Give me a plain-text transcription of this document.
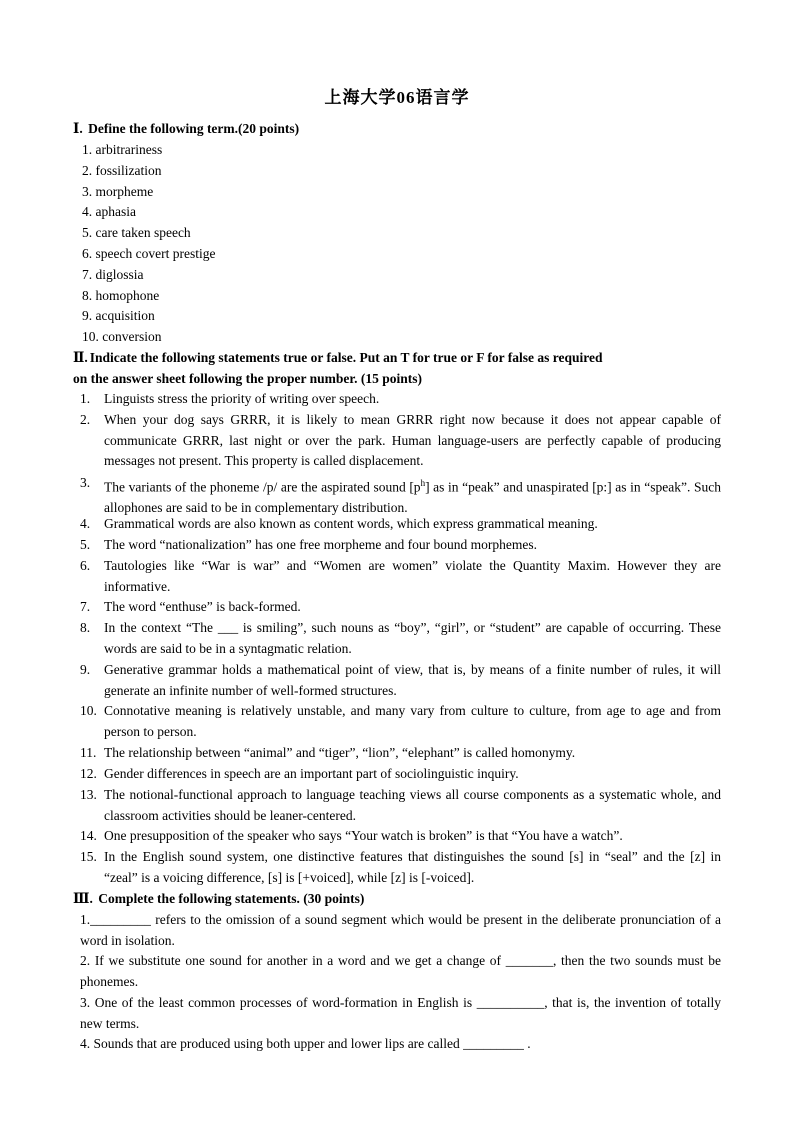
上海大学06语言学
Ⅰ. Define the following term.(20 points)
1. arbitrariness
2. fossilization
3. morpheme
4. aphasia
5. care taken speech
6. speech covert prestige
7. diglossia
8. homophone
9. acquisition
10. conversion
Ⅱ. Indicate the following statements true or false. Put an T for true or F for false as required
on the answer sheet following the proper number. (15 points)
1.	Linguists stress the priority of writing over speech.
2.	When your dog says GRRR, it is likely to mean GRRR right now because it does not appear capable of communicate GRRR, last night or over the park. Human language-users are perfectly capable of producing messages not present. This property is called displacement.
3.	The variants of the phoneme /p/ are the aspirated sound $[p^h]$ as in “peak” and unaspirated [p:] as in “speak”. Such allophones are said to be in complementary distribution.
4.	Grammatical words are also known as content words, which express grammatical meaning.
5.	The word “nationalization” has one free morpheme and four bound morphemes.
6.	Tautologies like “War is war” and “Women are women” violate the Quantity Maxim. However they are informative.
7.	The word “enthuse” is back-formed.
8.	In the context “The ___ is smiling”, such nouns as “boy”, “girl”, or “student” are capable of occurring. These words are said to be in a syntagmatic relation.
9.	Generative grammar holds a mathematical point of view, that is, by means of a finite number of rules, it will generate an infinite number of well-formed structures.
10. Connotative meaning is relatively unstable, and many vary from culture to culture, from age to age and from person to person.
11. The relationship between “animal” and “tiger”, “lion”, “elephant” is called homonymy.
12. Gender differences in speech are an important part of sociolinguistic inquiry.
13. The notional-functional approach to language teaching views all course components as a systematic whole, and classroom activities should be leaner-centered.
14. One presupposition of the speaker who says “Your watch is broken” is that “You have a watch”.
15. In the English sound system, one distinctive features that distinguishes the sound [s] in “seal” and the [z] in “zeal” is a voicing difference, [s] is [+voiced], while [z] is [-voiced].
Ⅲ. Complete the following statements. (30 points)
1._________ refers to the omission of a sound segment which would be present in the deliberate pronunciation of a word in isolation.
2. If we substitute one sound for another in a word and we get a change of _______, then the two sounds must be phonemes.
3. One of the least common processes of word-formation in English is __________, that is, the invention of totally new terms.
4. Sounds that are produced using both upper and lower lips are called _________ .
